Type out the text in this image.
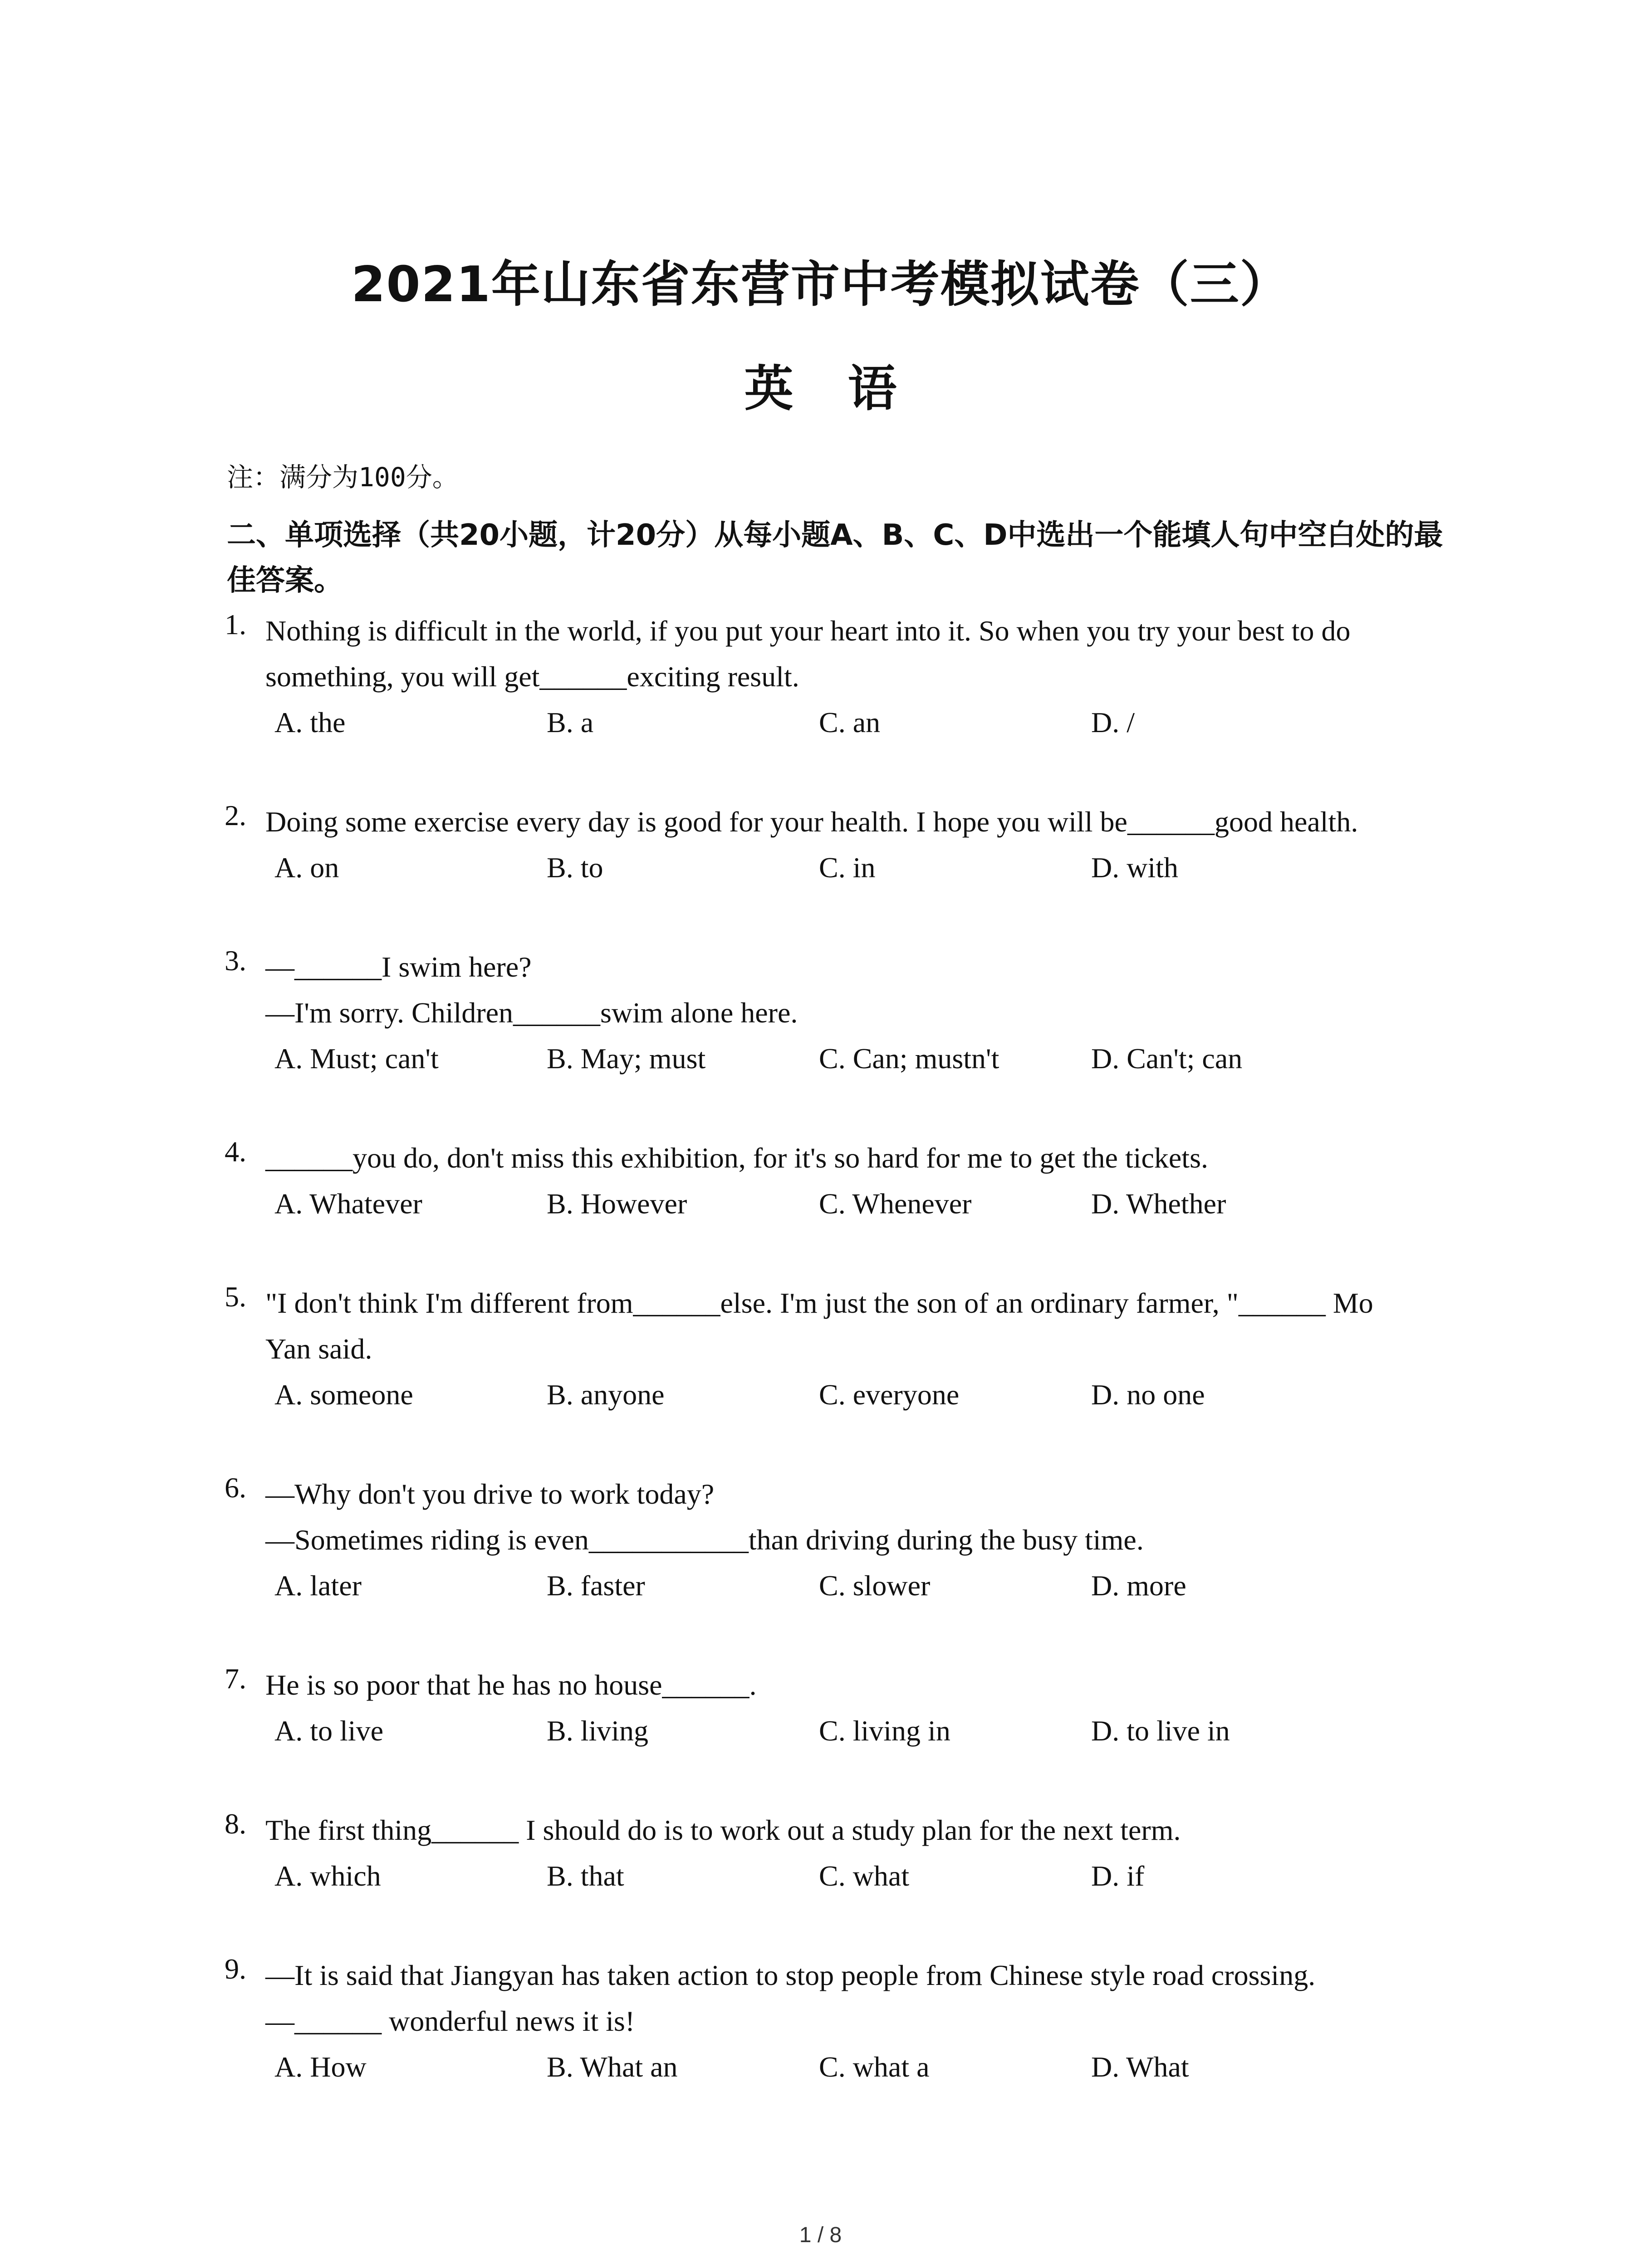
2021年山东省东营市中考模拟试卷（三）
英语
注：满分为100分。
二、单项选择（共20小题，计20分）从每小题A、B、C、D中选出一个能填人句中空白处的最佳答案。
1. Nothing is difficult in the world, if you put your heart into it. So when you try your best to do
something, you will get______exciting result.
A. the	B. a	C. an	D. /
2. Doing some exercise every day is good for your health. I hope you will be______good health.
A. on	B. to	C. in	D. with
3. —______I swim here?
—I'm sorry. Children______swim alone here.
A. Must; can't	B. May; must	C. Can; mustn't	D. Can't; can
4. ______you do, don't miss this exhibition, for it's so hard for me to get the tickets.
A. Whatever	B. However	C. Whenever	D. Whether
5. "I don't think I'm different from______else. I'm just the son of an ordinary farmer, "______ Mo
Yan said.
A. someone	B. anyone	C. everyone	D. no one
6. —Why don't you drive to work today?
—Sometimes riding is even___________than driving during the busy time.
A. later	B. faster	C. slower	D. more
7. He is so poor that he has no house______.
A. to live	B. living	C. living in	D. to live in
8. The first thing______ I should do is to work out a study plan for the next term.
A. which	B. that	C. what	D. if
9. —It is said that Jiangyan has taken action to stop people from Chinese style road crossing.
—______ wonderful news it is!
A. How	B. What an	C. what a	D. What
1 / 8
